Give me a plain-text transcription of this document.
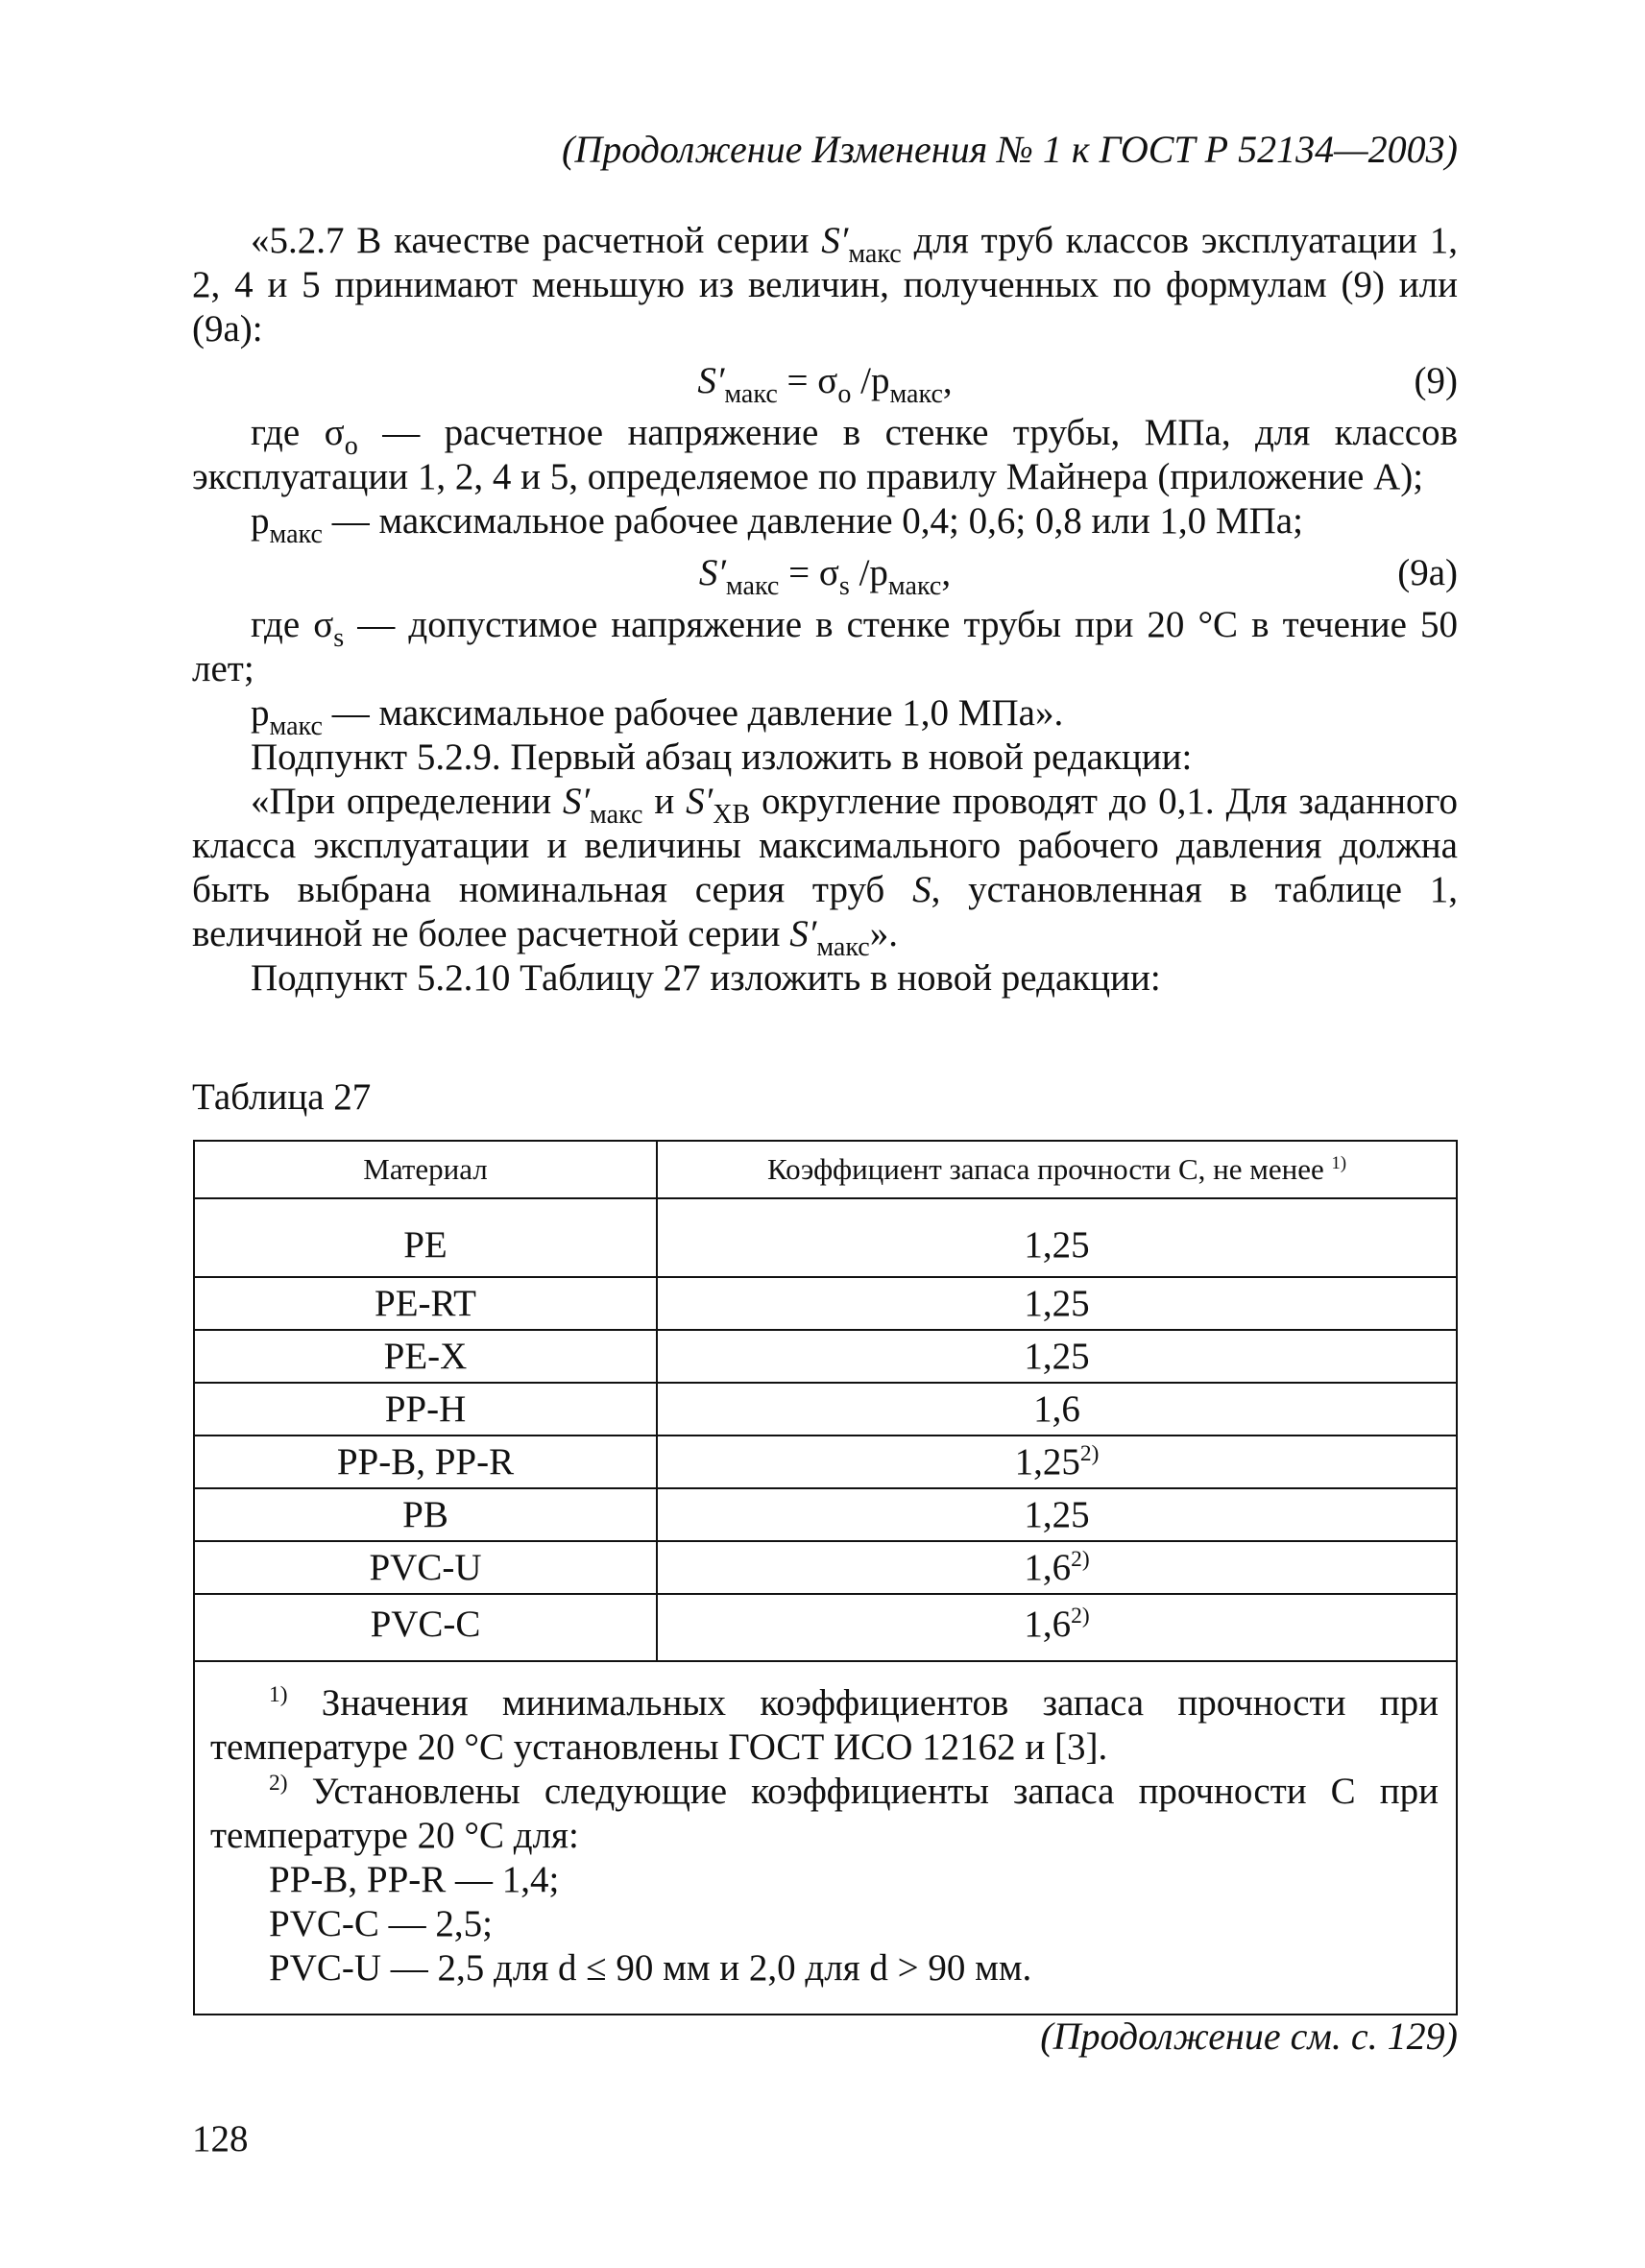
(Продолжение Изменения № 1 к ГОСТ Р 52134—2003)

«5.2.7 В качестве расчетной серии $S'_{макс}$ для труб классов эксплуатации 1, 2, 4 и 5 принимают меньшую из величин, полученных по формулам (9) или (9а):

$S'_{макс} = \sigma_о$ $/p_{макс}$,	(9)

где $\sigma_о$ — расчетное напряжение в стенке трубы, МПа, для классов эксплуатации 1, 2, 4 и 5, определяемое по правилу Майнера (приложение А);

$p_{макс}$ — максимальное рабочее давление 0,4; 0,6; 0,8 или 1,0 МПа;

$S'_{макс} = \sigma_s$ $/p_{макс}$,	(9а)

где $\sigma_s$ — допустимое напряжение в стенке трубы при 20 °С в течение 50 лет;

$p_{макс}$ — максимальное рабочее давление 1,0 МПа».

Подпункт 5.2.9. Первый абзац изложить в новой редакции:

«При определении $S'_{макс}$ и $S'_{ХВ}$ округление проводят до 0,1. Для заданного класса эксплуатации и величины максимального рабочего давления должна быть выбрана номинальная серия труб S, установленная в таблице 1, величиной не более расчетной серии $S'_{макс}$».

Подпункт 5.2.10 Таблицу 27 изложить в новой редакции:

Таблица 27
Материал	Коэффициент запаса прочности С, не менее $^{1)}$
PE	1,25
PE-RT	1,25
PE-X	1,25
PP-H	1,6
PP-B, PP-R	1,25$^{2)}$
PB	1,25
PVC-U	1,6$^{2)}$
PVC-C	1,6$^{2)}$

$^{1)}$ Значения минимальных коэффициентов запаса прочности при температуре 20 °С установлены ГОСТ ИСО 12162 и [3].

$^{2)}$ Установлены следующие коэффициенты запаса прочности С при температуре 20 °С для:

PP-B, PP-R — 1,4;

PVC-C — 2,5;

PVC-U — 2,5 для d ≤ 90 мм и 2,0 для d > 90 мм.	

(Продолжение см. с. 129)
128
